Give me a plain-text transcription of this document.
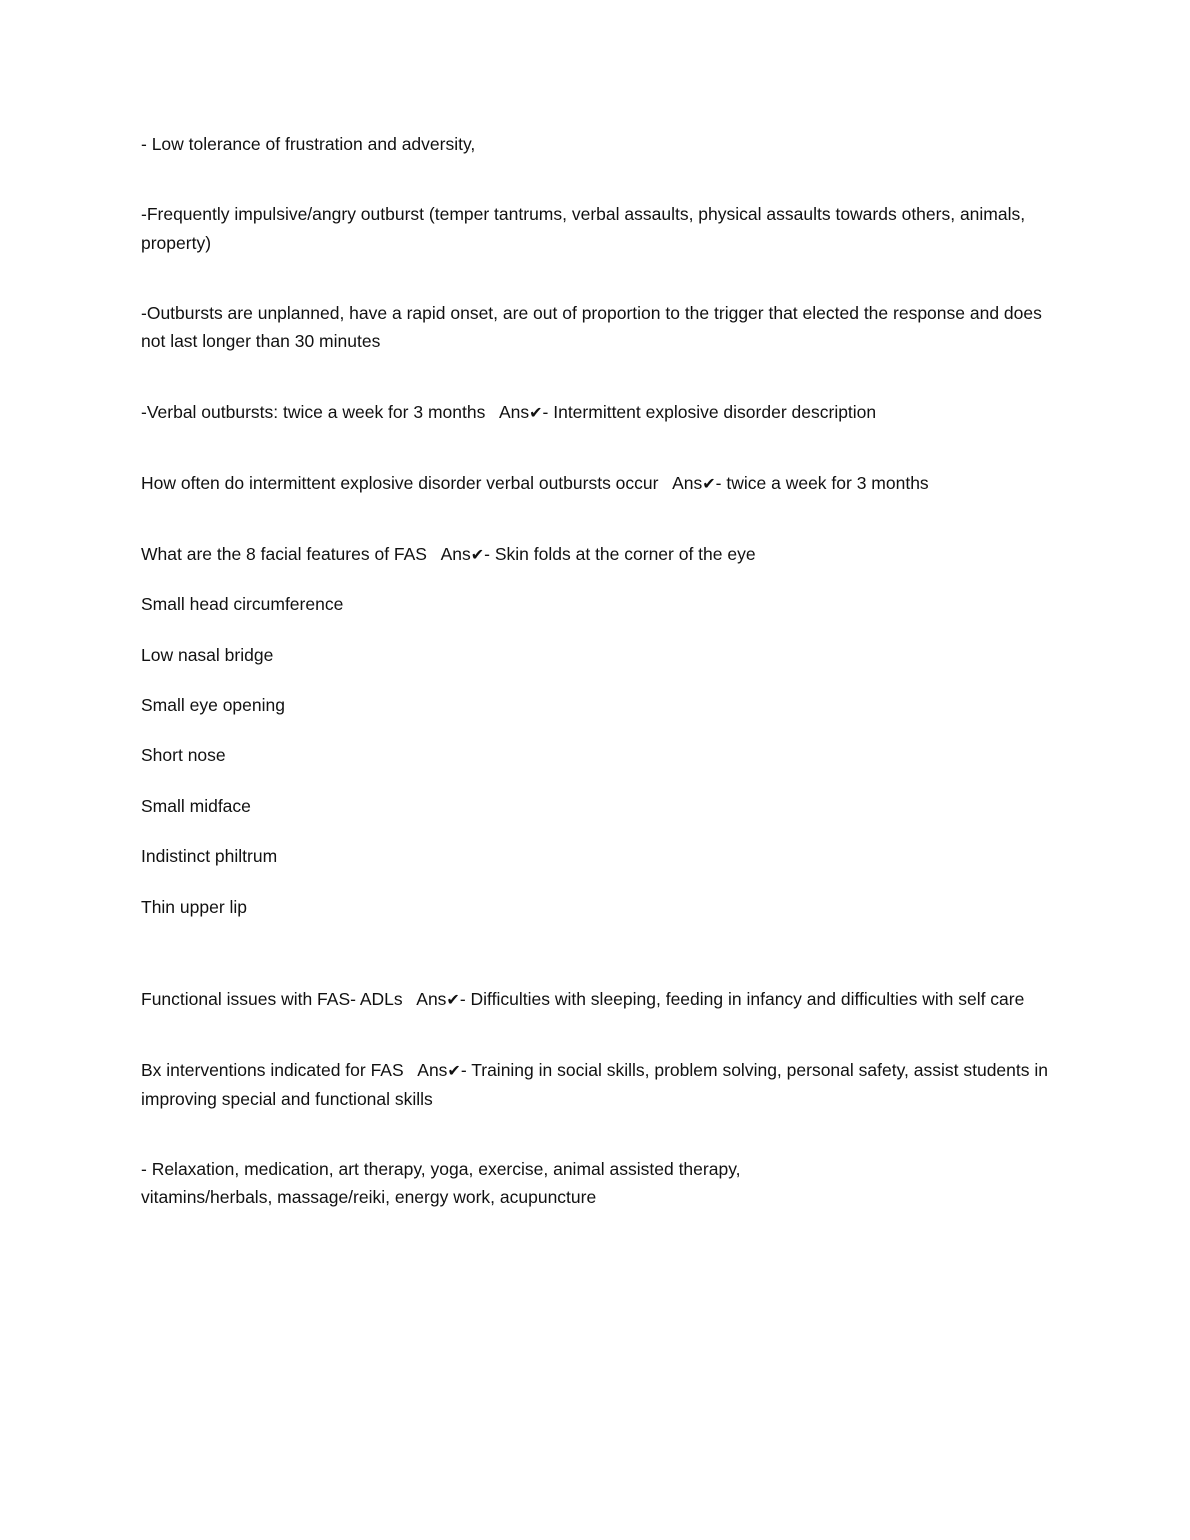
- Low tolerance of frustration and adversity,

-Frequently impulsive/angry outburst (temper tantrums, verbal assaults, physical assaults towards others, animals, property)

-Outbursts are unplanned, have a rapid onset, are out of proportion to the trigger that elected the response and does not last longer than 30 minutes

-Verbal outbursts: twice a week for 3 months Ans✔- Intermittent explosive disorder description

How often do intermittent explosive disorder verbal outbursts occur Ans✔- twice a week for 3 months

What are the 8 facial features of FAS Ans✔- Skin folds at the corner of the eye

Small head circumference

Low nasal bridge

Small eye opening

Short nose

Small midface

Indistinct philtrum

Thin upper lip

Functional issues with FAS- ADLs Ans✔- Difficulties with sleeping, feeding in infancy and difficulties with self care

Bx interventions indicated for FAS Ans✔- Training in social skills, problem solving, personal safety, assist students in improving special and functional skills

- Relaxation, medication, art therapy, yoga, exercise, animal assisted therapy,
vitamins/herbals, massage/reiki, energy work, acupuncture
